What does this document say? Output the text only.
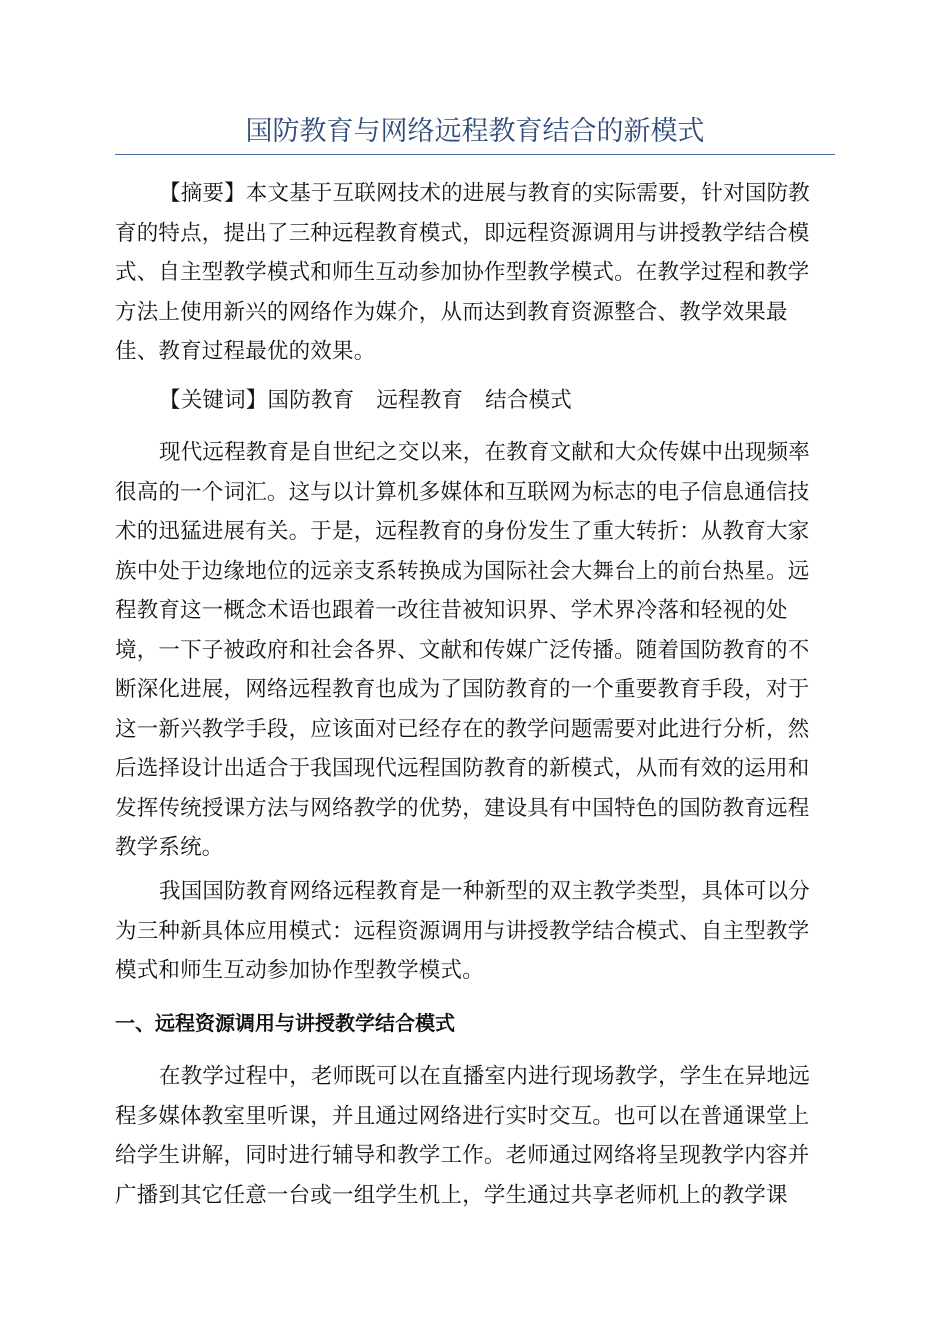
国防教育与网络远程教育结合的新模式

【摘要】本文基于互联网技术的进展与教育的实际需要，针对国防教
育的特点，提出了三种远程教育模式，即远程资源调用与讲授教学结合模
式、自主型教学模式和师生互动参加协作型教学模式。在教学过程和教学
方法上使用新兴的网络作为媒介，从而达到教育资源整合、教学效果最
佳、教育过程最优的效果。

【关键词】国防教育 远程教育 结合模式

现代远程教育是自世纪之交以来，在教育文献和大众传媒中出现频率
很高的一个词汇。这与以计算机多媒体和互联网为标志的电子信息通信技
术的迅猛进展有关。于是，远程教育的身份发生了重大转折：从教育大家
族中处于边缘地位的远亲支系转换成为国际社会大舞台上的前台热星。远
程教育这一概念术语也跟着一改往昔被知识界、学术界冷落和轻视的处
境，一下子被政府和社会各界、文献和传媒广泛传播。随着国防教育的不
断深化进展，网络远程教育也成为了国防教育的一个重要教育手段，对于
这一新兴教学手段，应该面对已经存在的教学问题需要对此进行分析，然
后选择设计出适合于我国现代远程国防教育的新模式，从而有效的运用和
发挥传统授课方法与网络教学的优势，建设具有中国特色的国防教育远程
教学系统。

我国国防教育网络远程教育是一种新型的双主教学类型，具体可以分
为三种新具体应用模式：远程资源调用与讲授教学结合模式、自主型教学
模式和师生互动参加协作型教学模式。

一、远程资源调用与讲授教学结合模式

在教学过程中，老师既可以在直播室内进行现场教学，学生在异地远
程多媒体教室里听课，并且通过网络进行实时交互。也可以在普通课堂上
给学生讲解，同时进行辅导和教学工作。老师通过网络将呈现教学内容并
广播到其它任意一台或一组学生机上，学生通过共享老师机上的教学课
